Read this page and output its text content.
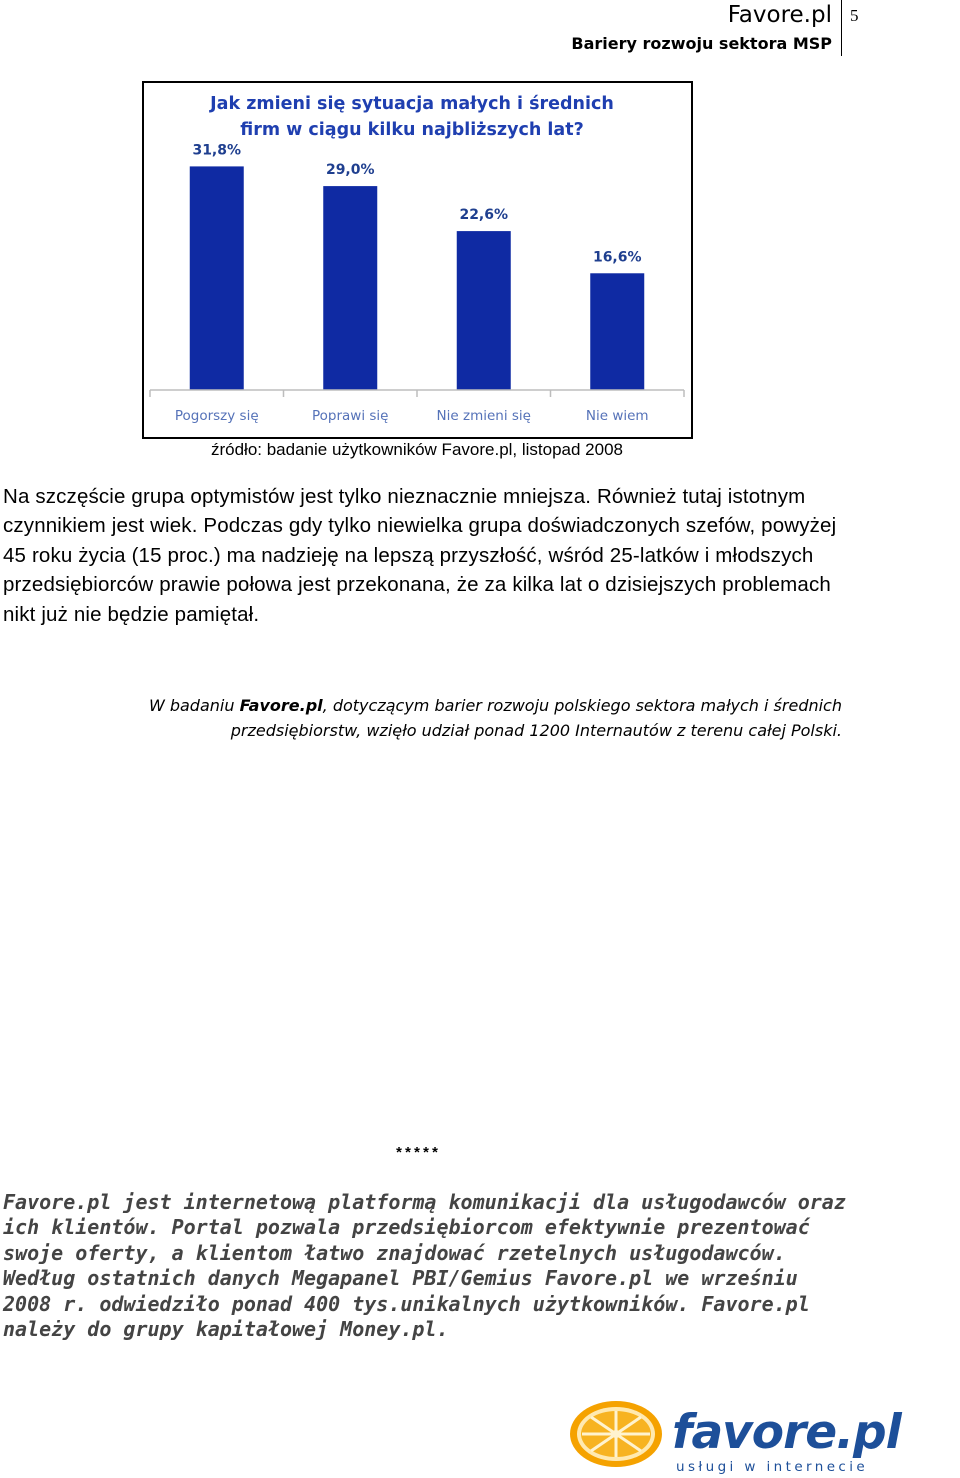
Favore.pl
Bariery rozwoju sektora MSP
5
Jak zmieni się sytuacja małych i średnich
firm w ciągu kilku najbliższych lat?
31,8%
29,0%
22,6%
16,6%
Pogorszy się	Poprawi się	Nie zmieni się	Nie wiem
źródło: badanie użytkowników Favore.pl, listopad 2008
Na szczęście grupa optymistów jest tylko nieznacznie mniejsza. Również tutaj istotnym czynnikiem jest wiek. Podczas gdy tylko niewielka grupa doświadczonych szefów, powyżej 45 roku życia (15 proc.) ma nadzieję na lepszą przyszłość, wśród 25-latków i młodszych przedsiębiorców prawie połowa jest przekonana, że za kilka lat o dzisiejszych problemach nikt już nie będzie pamiętał.
W badaniu Favore.pl, dotyczącym barier rozwoju polskiego sektora małych i średnich
przedsiębiorstw, wzięło udział ponad 1200 Internautów z terenu całej Polski.
*****
Favore.pl jest internetową platformą komunikacji dla usługodawców oraz ich klientów. Portal pozwala przedsiębiorcom efektywnie prezentować swoje oferty, a klientom łatwo znajdować rzetelnych usługodawców. Według ostatnich danych Megapanel PBI/Gemius Favore.pl we wrześniu 2008 r. odwiedziło ponad 400 tys.unikalnych użytkowników. Favore.pl należy do grupy kapitałowej Money.pl.
favore.pl
usługi w internecie
